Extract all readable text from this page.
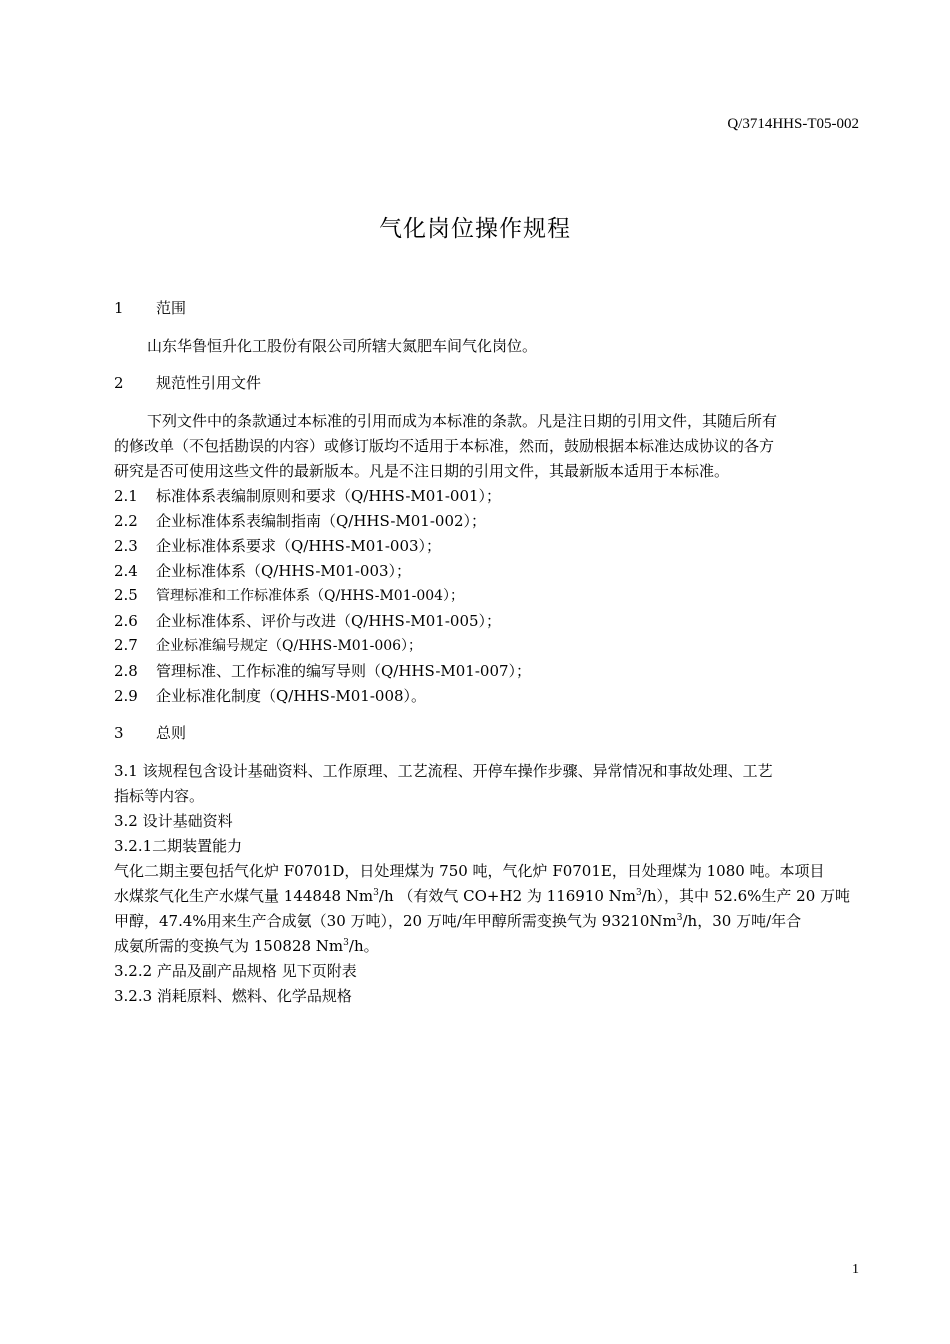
Q/3714HHS-T05-002
气化岗位操作规程
1 范围
山东华鲁恒升化工股份有限公司所辖大氮肥车间气化岗位。
2 规范性引用文件
下列文件中的条款通过本标准的引用而成为本标准的条款。凡是注日期的引用文件，其随后所有
的修改单（不包括勘误的内容）或修订版均不适用于本标准，然而，鼓励根据本标准达成协议的各方
研究是否可使用这些文件的最新版本。凡是不注日期的引用文件，其最新版本适用于本标准。
2.1 标准体系表编制原则和要求（Q/HHS-M01-001）；
2.2 企业标准体系表编制指南（Q/HHS-M01-002）；
2.3 企业标准体系要求（Q/HHS-M01-003）；
2.4 企业标准体系（Q/HHS-M01-003）；
2.5 管理标准和工作标准体系（Q/HHS-M01-004）；
2.6 企业标准体系、评价与改进（Q/HHS-M01-005）；
2.7 企业标准编号规定（Q/HHS-M01-006）；
2.8 管理标准、工作标准的编写导则（Q/HHS-M01-007）；
2.9 企业标准化制度（Q/HHS-M01-008）。
3 总则
3.1 该规程包含设计基础资料、工作原理、工艺流程、开停车操作步骤、异常情况和事故处理、工艺
指标等内容。
3.2 设计基础资料
3.2.1二期装置能力
气化二期主要包括气化炉 F0701D，日处理煤为 750 吨，气化炉 F0701E，日处理煤为 1080 吨。本项目
水煤浆气化生产水煤气量 144848 Nm$^3$/h （有效气 CO+H2 为 116910 Nm$^3$/h），其中 52.6%生产 20 万吨
甲醇，47.4%用来生产合成氨（30 万吨），20 万吨/年甲醇所需变换气为 93210Nm$^3$/h，30 万吨/年合
成氨所需的变换气为 150828 Nm$^3$/h。
3.2.2 产品及副产品规格 见下页附表
3.2.3 消耗原料、燃料、化学品规格
1
